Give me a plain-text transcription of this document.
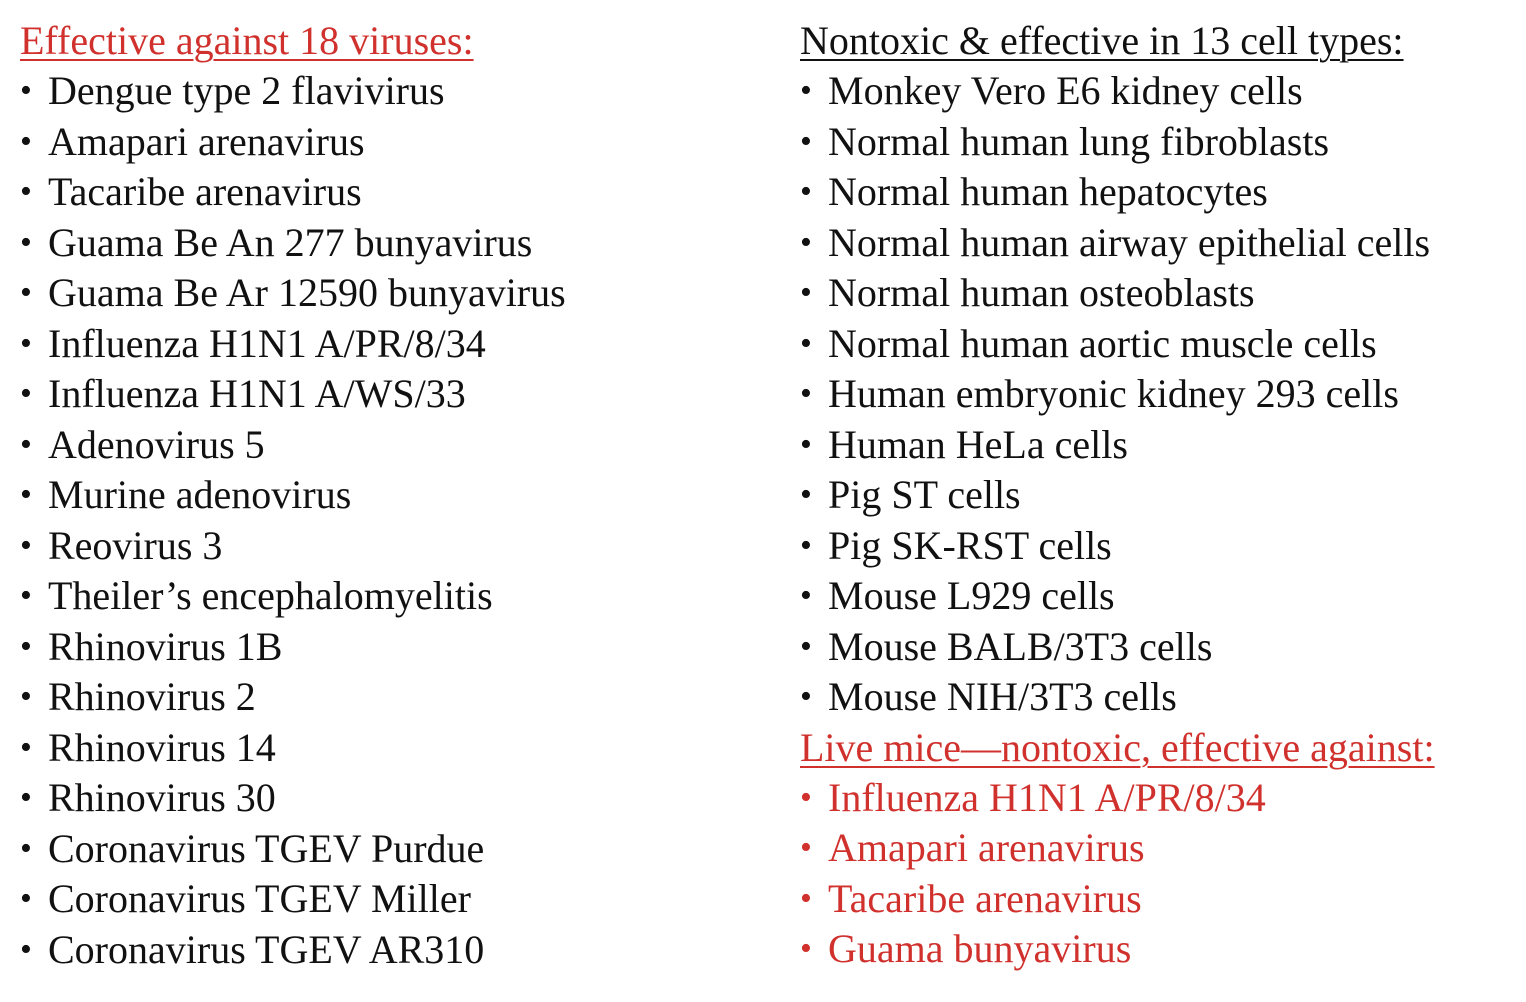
Effective against 18 viruses:
• Dengue type 2 flavivirus
• Amapari arenavirus
• Tacaribe arenavirus
• Guama Be An 277 bunyavirus
• Guama Be Ar 12590 bunyavirus
• Influenza H1N1 A/PR/8/34
• Influenza H1N1 A/WS/33
• Adenovirus 5
• Murine adenovirus
• Reovirus 3
• Theiler’s encephalomyelitis
• Rhinovirus 1B
• Rhinovirus 2
• Rhinovirus 14
• Rhinovirus 30
• Coronavirus TGEV Purdue
• Coronavirus TGEV Miller
• Coronavirus TGEV AR310
Nontoxic & effective in 13 cell types:
• Monkey Vero E6 kidney cells
• Normal human lung fibroblasts
• Normal human hepatocytes
• Normal human airway epithelial cells
• Normal human osteoblasts
• Normal human aortic muscle cells
• Human embryonic kidney 293 cells
• Human HeLa cells
• Pig ST cells
• Pig SK-RST cells
• Mouse L929 cells
• Mouse BALB/3T3 cells
• Mouse NIH/3T3 cells
Live mice—nontoxic, effective against:
• Influenza H1N1 A/PR/8/34
• Amapari arenavirus
• Tacaribe arenavirus
• Guama bunyavirus
